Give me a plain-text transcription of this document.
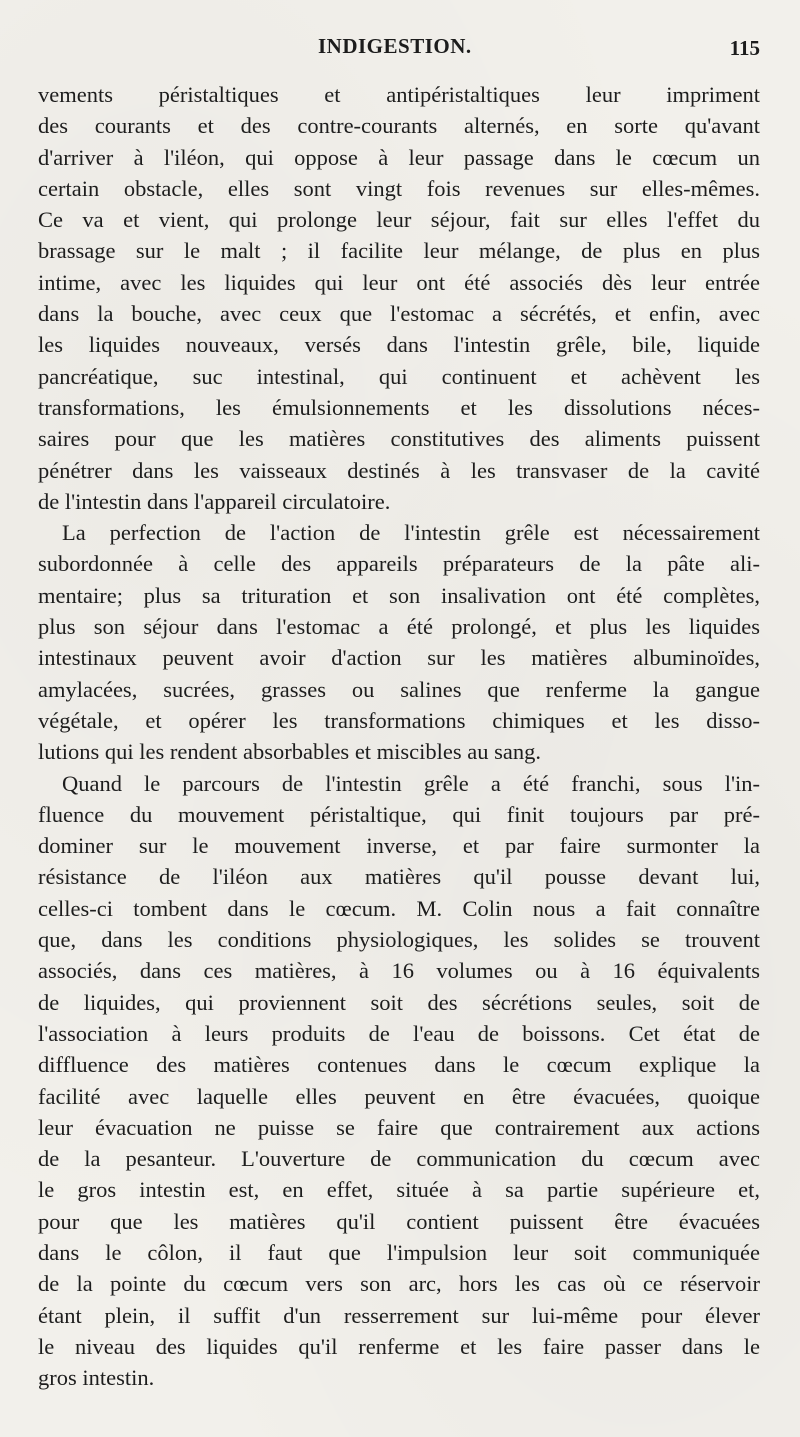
INDIGESTION.	115
vements péristaltiques et antipéristaltiques leur impriment
des courants et des contre-courants alternés, en sorte qu'avant
d'arriver à l'iléon, qui oppose à leur passage dans le cœcum un
certain obstacle, elles sont vingt fois revenues sur elles-mêmes.
Ce va et vient, qui prolonge leur séjour, fait sur elles l'effet du
brassage sur le malt ; il facilite leur mélange, de plus en plus
intime, avec les liquides qui leur ont été associés dès leur entrée
dans la bouche, avec ceux que l'estomac a sécrétés, et enfin, avec
les liquides nouveaux, versés dans l'intestin grêle, bile, liquide
pancréatique, suc intestinal, qui continuent et achèvent les
transformations, les émulsionnements et les dissolutions néces-
saires pour que les matières constitutives des aliments puissent
pénétrer dans les vaisseaux destinés à les transvaser de la cavité
de l'intestin dans l'appareil circulatoire.
La perfection de l'action de l'intestin grêle est nécessairement
subordonnée à celle des appareils préparateurs de la pâte ali-
mentaire; plus sa trituration et son insalivation ont été complètes,
plus son séjour dans l'estomac a été prolongé, et plus les liquides
intestinaux peuvent avoir d'action sur les matières albuminoïdes,
amylacées, sucrées, grasses ou salines que renferme la gangue
végétale, et opérer les transformations chimiques et les disso-
lutions qui les rendent absorbables et miscibles au sang.
Quand le parcours de l'intestin grêle a été franchi, sous l'in-
fluence du mouvement péristaltique, qui finit toujours par pré-
dominer sur le mouvement inverse, et par faire surmonter la
résistance de l'iléon aux matières qu'il pousse devant lui,
celles-ci tombent dans le cœcum. M. Colin nous a fait connaître
que, dans les conditions physiologiques, les solides se trouvent
associés, dans ces matières, à 16 volumes ou à 16 équivalents
de liquides, qui proviennent soit des sécrétions seules, soit de
l'association à leurs produits de l'eau de boissons. Cet état de
diffluence des matières contenues dans le cœcum explique la
facilité avec laquelle elles peuvent en être évacuées, quoique
leur évacuation ne puisse se faire que contrairement aux actions
de la pesanteur. L'ouverture de communication du cœcum avec
le gros intestin est, en effet, située à sa partie supérieure et,
pour que les matières qu'il contient puissent être évacuées
dans le côlon, il faut que l'impulsion leur soit communiquée
de la pointe du cœcum vers son arc, hors les cas où ce réservoir
étant plein, il suffit d'un resserrement sur lui-même pour élever
le niveau des liquides qu'il renferme et les faire passer dans le
gros intestin.
